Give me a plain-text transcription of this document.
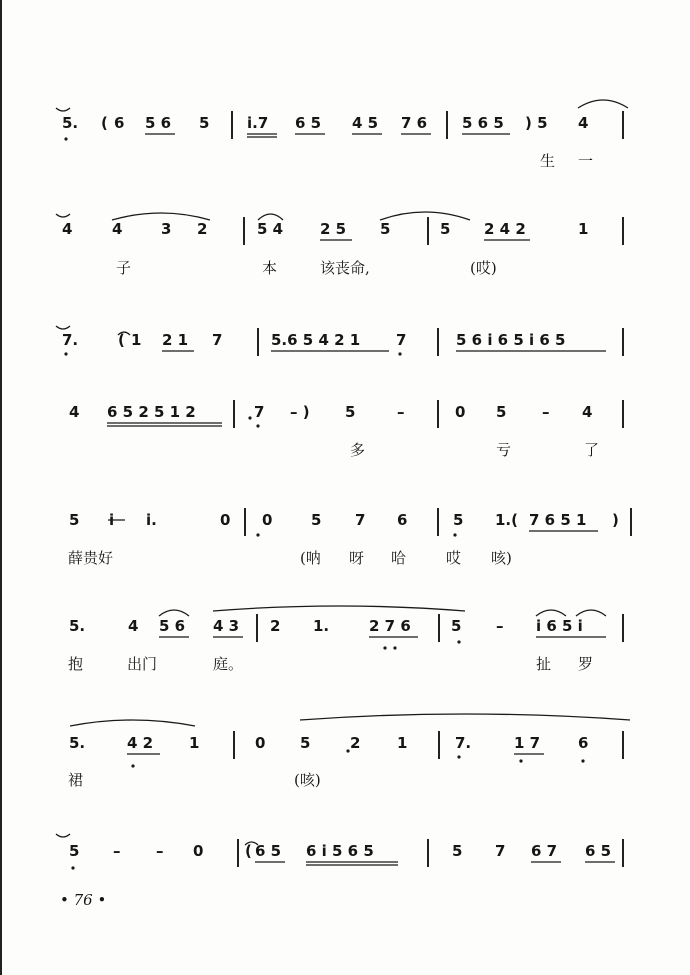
5. ( 6 5 6 5	i.7 6 5 4 5 7 6 5 6 5 ) 5 4
生 一
4	4	3 2	5 4 2 5 5	5 2 4 2	1
子	本	该丧命,	(哎)
7.	( 1 2 1 7	5.6 5 4 2 1 7	5 6 i 6 5 i 6 5
4 6 5 2 5 1 2	7 – ) 5	–	0 5 – 4
多	亏	了
5 i i.	0 0	5 7 6	5 1.( 7 6 5 1 )
薛贵好	(呐 呀 哈	哎 咳)
5.	4 5 6 4 3 2 1.	2 7 6	5 – i 6 5 i
抱	出门	庭。	扯 罗
5.	4 2 1	0 5	2 1	7.	1 7	6
裙	(咳)
5 – – 0	( 6 5 6 i 5 6 5	5 7 6 7 6 5
• 76 •
